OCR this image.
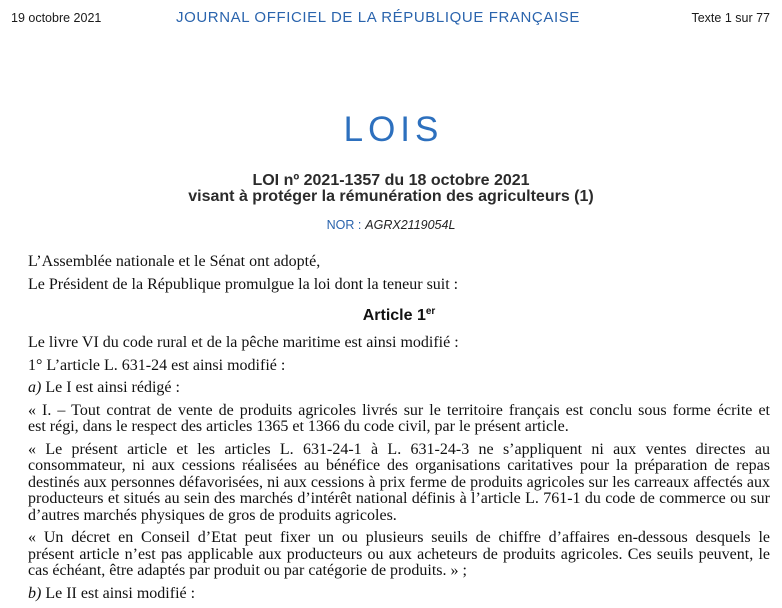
19 octobre 2021	JOURNAL OFFICIEL DE LA RÉPUBLIQUE FRANÇAISE	Texte 1 sur 77
LOIS
LOI nº 2021-1357 du 18 octobre 2021
visant à protéger la rémunération des agriculteurs (1)
NOR : AGRX2119054L
L’Assemblée nationale et le Sénat ont adopté,
Le Président de la République promulgue la loi dont la teneur suit :
Article 1er
Le livre VI du code rural et de la pêche maritime est ainsi modifié :
1° L’article L. 631-24 est ainsi modifié :
a) Le I est ainsi rédigé :
« I. – Tout contrat de vente de produits agricoles livrés sur le territoire français est conclu sous forme écrite et
est régi, dans le respect des articles 1365 et 1366 du code civil, par le présent article.
« Le présent article et les articles L. 631-24-1 à L. 631-24-3 ne s’appliquent ni aux ventes directes au
consommateur, ni aux cessions réalisées au bénéfice des organisations caritatives pour la préparation de repas
destinés aux personnes défavorisées, ni aux cessions à prix ferme de produits agricoles sur les carreaux affectés aux
producteurs et situés au sein des marchés d’intérêt national définis à l’article L. 761-1 du code de commerce ou sur
d’autres marchés physiques de gros de produits agricoles.
« Un décret en Conseil d’Etat peut fixer un ou plusieurs seuils de chiffre d’affaires en-dessous desquels le
présent article n’est pas applicable aux producteurs ou aux acheteurs de produits agricoles. Ces seuils peuvent, le
cas échéant, être adaptés par produit ou par catégorie de produits. » ;
b) Le II est ainsi modifié :
